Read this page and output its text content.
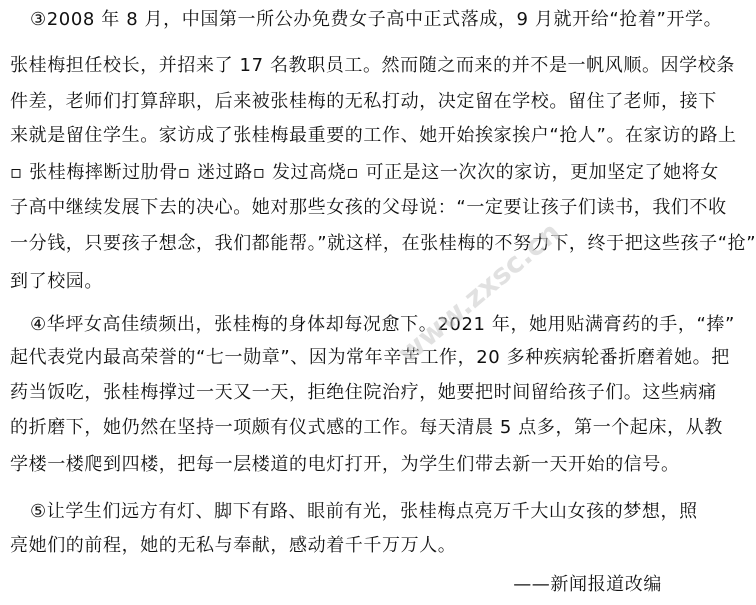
③2008 年 8 月，中国第一所公办免费女子高中正式落成，9 月就开给“抢着”开学。
张桂梅担任校长，并招来了 17 名教职员工。然而随之而来的并不是一帆风顺。因学校条
件差，老师们打算辞职，后来被张桂梅的无私打动，决定留在学校。留住了老师，接下
来就是留住学生。家访成了张桂梅最重要的工作、她开始挨家挨户“抢人”。在家访的路上
▫ 张桂梅摔断过肋骨▫ 迷过路▫ 发过高烧▫ 可正是这一次次的家访，更加坚定了她将女
子高中继续发展下去的决心。她对那些女孩的父母说：“一定要让孩子们读书，我们不收
一分钱，只要孩子想念，我们都能帮。”就这样，在张桂梅的不努力下，终于把这些孩子“抢”
到了校园。
④华坪女高佳绩频出，张桂梅的身体却每况愈下。2021 年，她用贴满膏药的手，“捧”
起代表党内最高荣誉的“七一勋章”、因为常年辛苦工作，20 多种疾病轮番折磨着她。把
药当饭吃，张桂梅撑过一天又一天，拒绝住院治疗，她要把时间留给孩子们。这些病痛
的折磨下，她仍然在坚持一项颇有仪式感的工作。每天清晨 5 点多，第一个起床，从教
学楼一楼爬到四楼，把每一层楼道的电灯打开，为学生们带去新一天开始的信号。
⑤让学生们远方有灯、脚下有路、眼前有光，张桂梅点亮万千大山女孩的梦想，照
亮她们的前程，她的无私与奉献，感动着千千万万人。
——新闻报道改编
www.zxsc.cn
